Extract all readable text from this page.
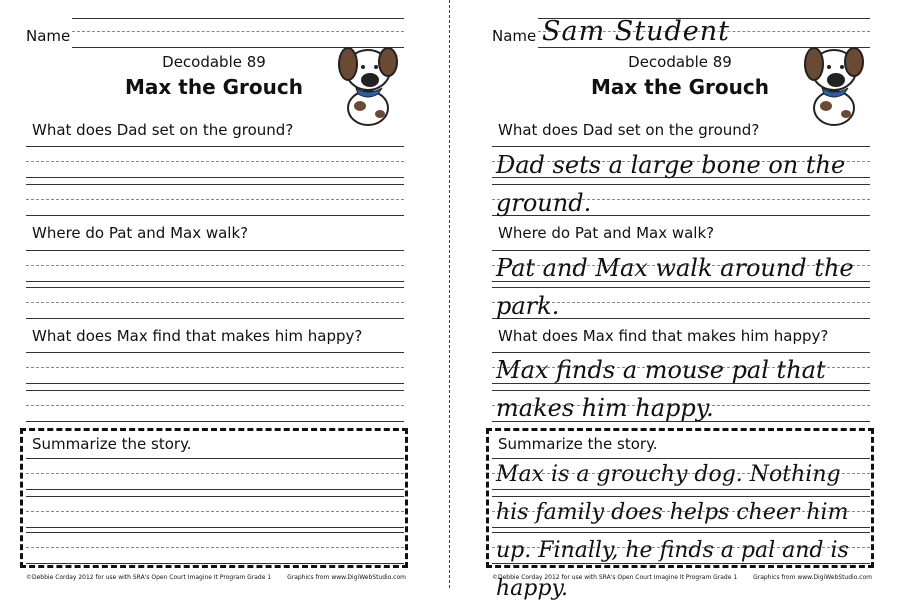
Name
Decodable 89
Max the Grouch
What does Dad set on the ground?
Where do Pat and Max walk?
What does Max find that makes him happy?
Summarize the story.
©Debbie Corday 2012 for use with SRA's Open Court Imagine It Program Grade 1	Graphics from www.DigiWebStudio.com
Name Sam Student
Decodable 89
Max the Grouch
What does Dad set on the ground?
Dad sets a large bone on the ground.
Where do Pat and Max walk?
Pat and Max walk around the park.
What does Max find that makes him happy?
Max finds a mouse pal that makes him happy.
Summarize the story.
Max is a grouchy dog. Nothing his family does helps cheer him up. Finally, he finds a pal and is happy.
©Debbie Corday 2012 for use with SRA's Open Court Imagine It Program Grade 1	Graphics from www.DigiWebStudio.com
